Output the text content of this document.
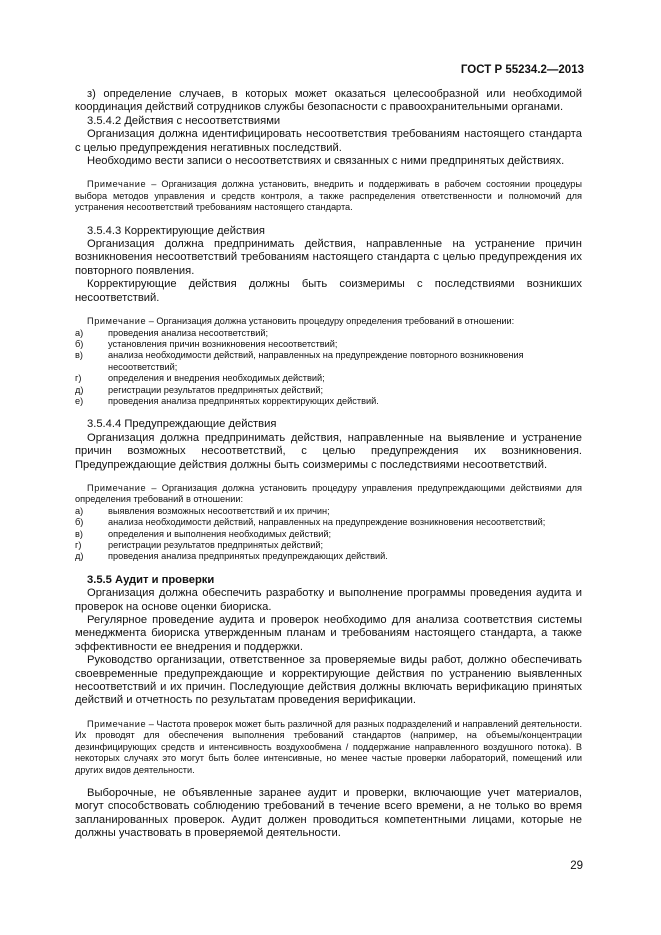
ГОСТ Р 55234.2—2013

з) определение случаев, в которых может оказаться целесообразной или необходимой координация действий сотрудников службы безопасности с правоохранительными органами.

3.5.4.2 Действия с несоответствиями

Организация должна идентифицировать несоответствия требованиям настоящего стандарта с целью предупреждения негативных последствий.

Необходимо вести записи о несоответствиях и связанных с ними предпринятых действиях.

Примечание – Организация должна установить, внедрить и поддерживать в рабочем состоянии процедуры выбора методов управления и средств контроля, а также распределения ответственности и полномочий для устранения несоответствий требованиям настоящего стандарта.

3.5.4.3 Корректирующие действия

Организация должна предпринимать действия, направленные на устранение причин возникновения несоответствий требованиям настоящего стандарта с целью предупреждения их повторного появления.

Корректирующие действия должны быть соизмеримы с последствиями возникших несоответствий.

Примечание – Организация должна установить процедуру определения требований в отношении:

а)	проведения анализа несоответствий;
б)	установления причин возникновения несоответствий;
в)	анализа необходимости действий, направленных на предупреждение повторного возникновения несоответствий;
г)	определения и внедрения необходимых действий;
д)	регистрации результатов предпринятых действий;
е)	проведения анализа предпринятых корректирующих действий.

3.5.4.4 Предупреждающие действия

Организация должна предпринимать действия, направленные на выявление и устранение причин возможных несоответствий, с целью предупреждения их возникновения. Предупреждающие действия должны быть соизмеримы с последствиями несоответствий.

Примечание – Организация должна установить процедуру управления предупреждающими действиями для определения требований в отношении:

а)	выявления возможных несоответствий и их причин;
б)	анализа необходимости действий, направленных на предупреждение возникновения несоответствий;
в)	определения и выполнения необходимых действий;
г)	регистрации результатов предпринятых действий;
д)	проведения анализа предпринятых предупреждающих действий.

3.5.5 Аудит и проверки

Организация должна обеспечить разработку и выполнение программы проведения аудита и проверок на основе оценки биориска.

Регулярное проведение аудита и проверок необходимо для анализа соответствия системы менеджмента биориска утвержденным планам и требованиям настоящего стандарта, а также эффективности ее внедрения и поддержки.

Руководство организации, ответственное за проверяемые виды работ, должно обеспечивать своевременные предупреждающие и корректирующие действия по устранению выявленных несоответствий и их причин. Последующие действия должны включать верификацию принятых действий и отчетность по результатам проведения верификации.

Примечание – Частота проверок может быть различной для разных подразделений и направлений деятельности. Их проводят для обеспечения выполнения требований стандартов (например, на объемы/концентрации дезинфицирующих средств и интенсивность воздухообмена / поддержание направленного воздушного потока). В некоторых случаях это могут быть более интенсивные, но менее частые проверки лабораторий, помещений или других видов деятельности.

Выборочные, не объявленные заранее аудит и проверки, включающие учет материалов, могут способствовать соблюдению требований в течение всего времени, а не только во время запланированных проверок. Аудит должен проводиться компетентными лицами, которые не должны участвовать в проверяемой деятельности.

29
